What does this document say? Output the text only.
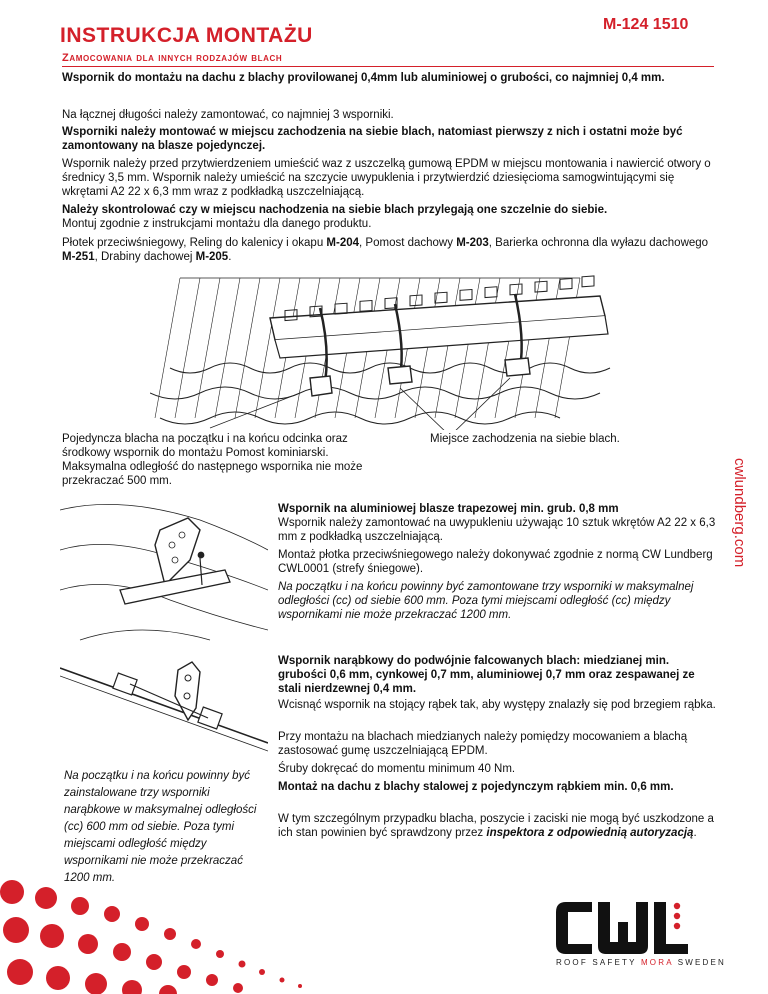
INSTRUKCJA MONTAŻU	M-124 1510
Zamocowania dla innych rodzajów blach
Wspornik do montażu na dachu z blachy provilowanej 0,4mm lub aluminiowej o grubości, co najmniej 0,4 mm.
Na łącznej długości należy zamontować, co najmniej 3 wsporniki.
Wsporniki należy montować w miejscu zachodzenia na siebie blach, natomiast pierwszy z nich i ostatni może być zamontowany na blasze pojedynczej.
Wspornik należy przed przytwierdzeniem umieścić waz z uszczelką gumową EPDM w miejscu montowania i nawiercić otwory o średnicy 3,5 mm. Wspornik należy umieścić na szczycie uwypuklenia i przytwierdzić dziesięcioma samogwintującymi się wkrętami A2 22 x 6,3 mm wraz z podkładką uszczelniającą.
Należy skontrolować czy w miejscu nachodzenia na siebie blach przylegają one szczelnie do siebie.
Montuj zgodnie z instrukcjami montażu dla danego produktu.
Płotek przeciwśniegowy, Reling do kalenicy i okapu M-204, Pomost dachowy M-203, Barierka ochronna dla wyłazu dachowego M-251, Drabiny dachowej M-205.
Pojedyncza blacha na początku i na końcu odcinka oraz środkowy wspornik do montażu Pomost kominiarski. Maksymalna odległość do następnego wspornika nie może przekraczać 500 mm.
Miejsce zachodzenia na siebie blach.
cwlundberg.com
Wspornik na aluminiowej blasze trapezowej min. grub. 0,8 mm
Wspornik należy zamontować na uwypukleniu używając 10 sztuk wkrętów A2 22 x 6,3 mm z podkładką uszczelniającą.
Montaż płotka przeciwśniegowego należy dokonywać zgodnie z normą CW Lundberg CWL0001 (strefy śniegowe).
Na początku i na końcu powinny być zamontowane trzy wsporniki w maksymalnej odległości (cc) od siebie 600 mm. Poza tymi miejscami odległość (cc) między wspornikami nie może przekraczać 1200 mm.
Na początku i na końcu powinny być zainstalowane trzy wsporniki narąbkowe w maksymalnej odległości (cc) 600 mm od siebie. Poza tymi miejscami odległość między wspornikami nie może przekraczać 1200 mm.
Wspornik narąbkowy do podwójnie falcowanych blach: miedzianej min. grubości 0,6 mm, cynkowej 0,7 mm, aluminiowej 0,7 mm oraz zespawanej ze stali nierdzewnej 0,4 mm.
Wcisnąć wspornik na stojący rąbek tak, aby występy znalazły się pod brzegiem rąbka.
Przy montażu na blachach miedzianych należy pomiędzy mocowaniem a blachą zastosować gumę uszczelniającą EPDM.
Śruby dokręcać do momentu minimum 40 Nm.
Montaż na dachu z blachy stalowej z pojedynczym rąbkiem min. 0,6 mm.
W tym szczególnym przypadku blacha, poszycie i zaciski nie mogą być uszkodzone a ich stan powinien być sprawdzony przez inspektora z odpowiednią autoryzacją.
ROOF SAFETY MORA SWEDEN
